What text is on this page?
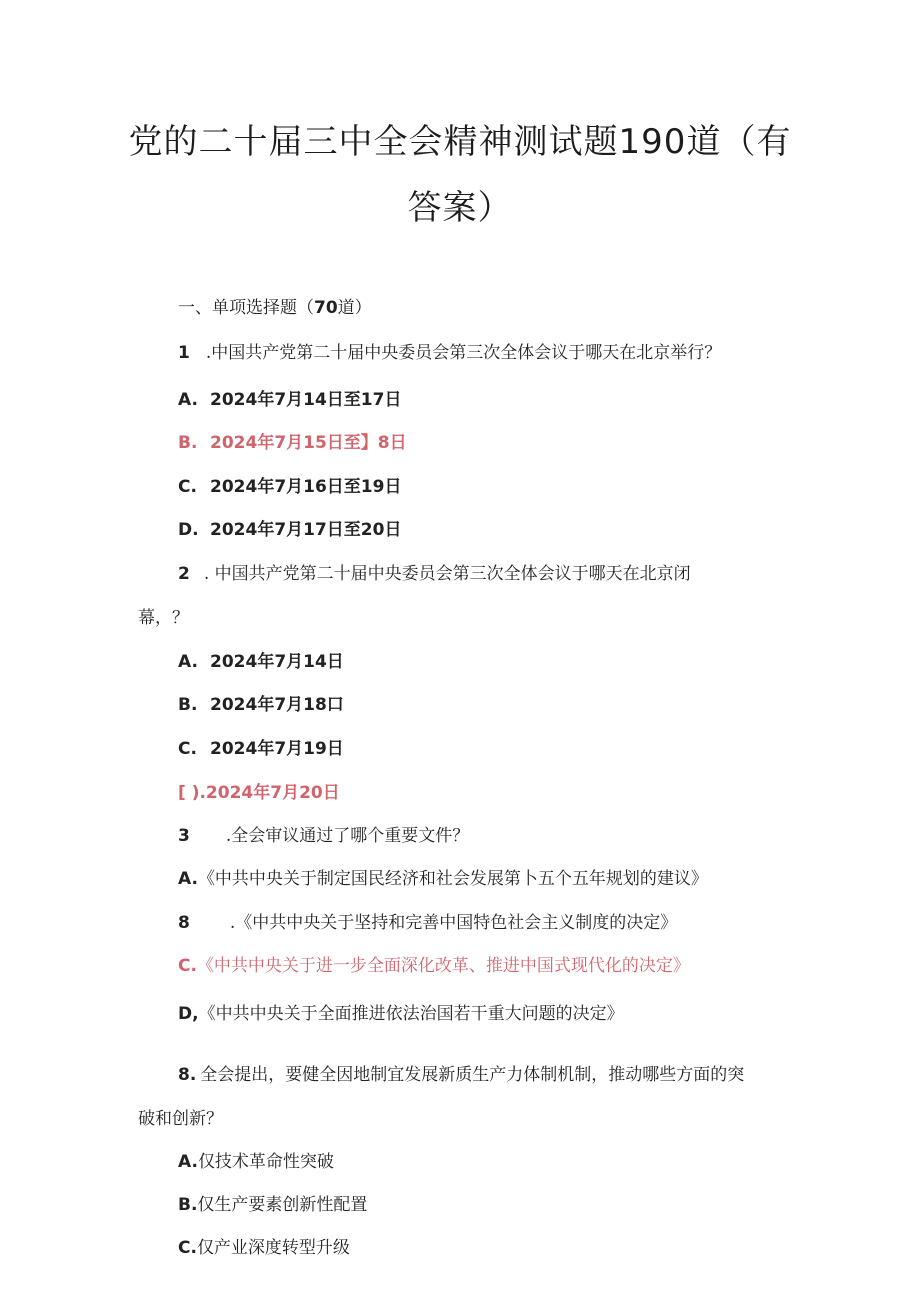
党的二十届三中全会精神测试题190道（有
答案）
一、单项选择题（70道）
1 .中国共产党第二十届中央委员会第三次全体会议于哪天在北京举行？
A. 2024年7月14日至17日
B. 2024年7月15日至】8日
C. 2024年7月16日至19日
D. 2024年7月17日至20日
2 . 中国共产党第二十届中央委员会第三次全体会议于哪天在北京闭
幕，？
A. 2024年7月14日
B. 2024年7月18口
C. 2024年7月19日
[ ).2024年7月20日
3 .全会审议通过了哪个重要文件？
A.《中共中央关于制定国民经济和社会发展第卜五个五年规划的建议》
8 .《中共中央关于坚持和完善中国特色社会主义制度的决定》
C.《中共中央关于进一步全面深化改革、推进中国式现代化的决定》
D,《中共中央关于全面推进依法治国若干重大问题的决定》
8. 全会提出，要健全因地制宜发展新质生产力体制机制，推动哪些方面的突
破和创新？
A.仅技术革命性突破
B.仅生产要素创新性配置
C.仅产业深度转型升级
